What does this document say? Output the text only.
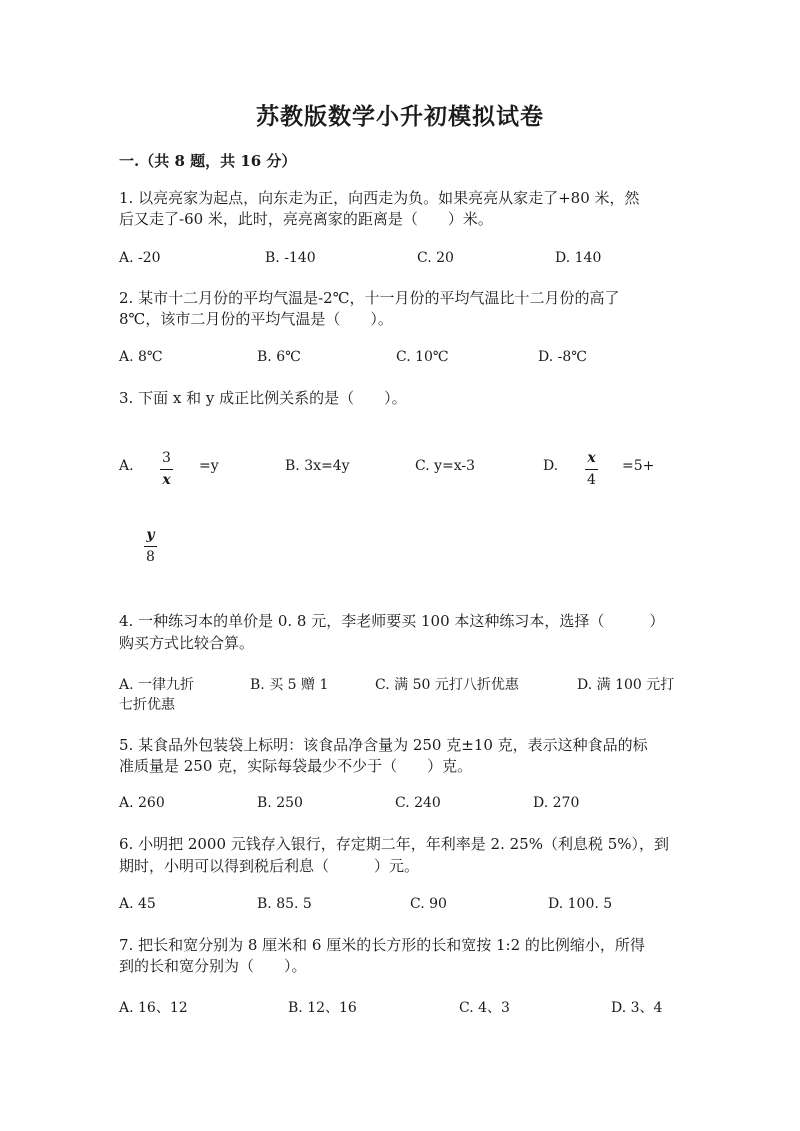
苏教版数学小升初模拟试卷
一.（共 8 题，共 16 分）
1. 以亮亮家为起点，向东走为正，向西走为负。如果亮亮从家走了+80 米，然
后又走了-60 米，此时，亮亮离家的距离是（　　）米。
A. -20	B. -140	C. 20	D. 140
2. 某市十二月份的平均气温是-2℃，十一月份的平均气温比十二月份的高了
8℃，该市二月份的平均气温是（　　）。
A. 8℃	B. 6℃	C. 10℃	D. -8℃
3. 下面 x 和 y 成正比例关系的是（　　）。
A. 3
x
=y	B. 3x=4y	C. y=x-3	D. x
4
=5+
y
8
4. 一种练习本的单价是 0. 8 元，李老师要买 100 本这种练习本，选择（　　　）
购买方式比较合算。
A. 一律九折	B. 买 5 赠 1	C. 满 50 元打八折优惠	D. 满 100 元打
七折优惠
5. 某食品外包装袋上标明：该食品净含量为 250 克±10 克，表示这种食品的标
准质量是 250 克，实际每袋最少不少于（　　）克。
A. 260	B. 250	C. 240	D. 270
6. 小明把 2000 元钱存入银行，存定期二年，年利率是 2. 25%（利息税 5%），到
期时，小明可以得到税后利息（　　　）元。
A. 45	B. 85. 5	C. 90	D. 100. 5
7. 把长和宽分别为 8 厘米和 6 厘米的长方形的长和宽按 1:2 的比例缩小，所得
到的长和宽分别为（　　）。
A. 16、12	B. 12、16	C. 4、3	D. 3、4
